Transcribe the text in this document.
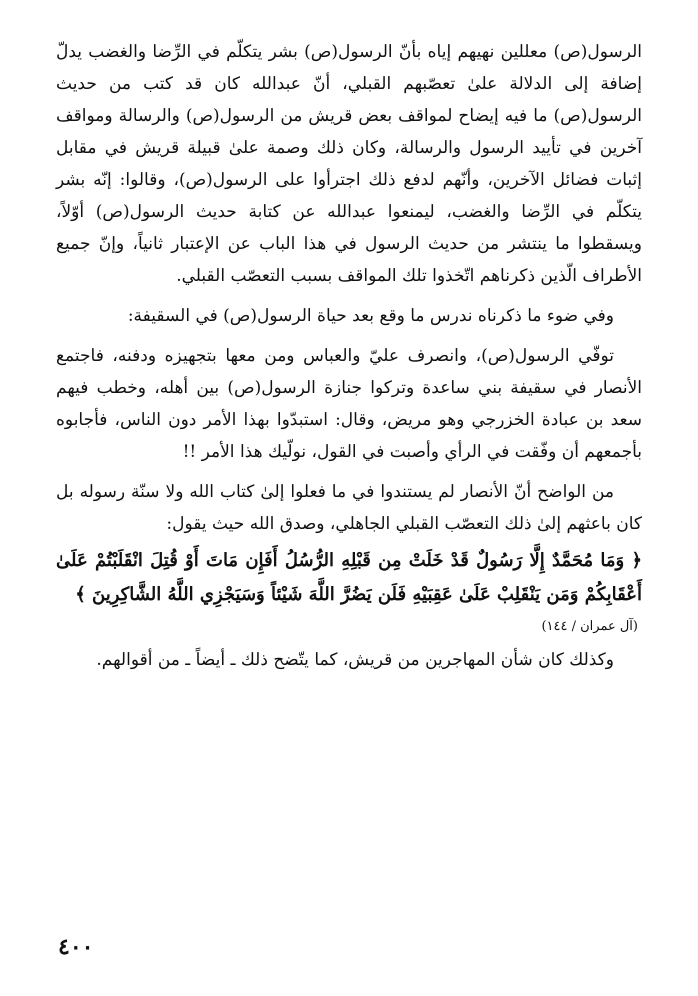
الرسول(ص) معللين نهيهم إياه بأنّ الرسول(ص) بشر يتكلّم في الرِّضا والغضب يدلّ إضافة إلى الدلالة علىٰ تعصّبهم القبلي، أنّ عبدالله كان قد كتب من حديث الرسول(ص) ما فيه إيضاح لمواقف بعض قريش من الرسول(ص) والرسالة ومواقف آخرين في تأييد الرسول والرسالة، وكان ذلك وصمة علىٰ قبيلة قريش في مقابل إثبات فضائل الآخرين، وأنّهم لدفع ذلك اجترأوا على الرسول(ص)، وقالوا: إنّه بشر يتكلّم في الرِّضا والغضب، ليمنعوا عبدالله عن كتابة حديث الرسول(ص) أوّلاً، ويسقطوا ما ينتشر من حديث الرسول في هذا الباب عن الإعتبار ثانياً، وإنّ جميع الأطراف الّذين ذكرناهم اتّخذوا تلك المواقف بسبب التعصّب القبلي.

وفي ضوء ما ذكرناه ندرس ما وقع بعد حياة الرسول(ص) في السقيفة:

توفّي الرسول(ص)، وانصرف عليّ والعباس ومن معها بتجهيزه ودفنه، فاجتمع الأنصار في سقيفة بني ساعدة وتركوا جنازة الرسول(ص) بين أهله، وخطب فيهم سعد بن عبادة الخزرجي وهو مريض، وقال: استبدّوا بهذا الأمر دون الناس، فأجابوه بأجمعهم أن وفّقت في الرأي وأصبت في القول، نولّيك هذا الأمر !!

من الواضح أنّ الأنصار لم يستندوا في ما فعلوا إلىٰ كتاب الله ولا سنّة رسوله بل كان باعثهم إلىٰ ذلك التعصّب القبلي الجاهلي، وصدق الله حيث يقول:

﴿ وَمَا مُحَمَّدٌ إِلَّا رَسُولٌ قَدْ خَلَتْ مِن قَبْلِهِ الرُّسُلُ أَفَإِن مَاتَ أَوْ قُتِلَ انْقَلَبْتُمْ عَلَىٰ أَعْقَابِكُمْ وَمَن يَنْقَلِبْ عَلَىٰ عَقِبَيْهِ فَلَن يَضُرَّ اللَّهَ شَيْئاً وَسَيَجْزِي اللَّهُ الشَّاكِرِينَ ﴾

(آل عمران / ١٤٤)

وكذلك كان شأن المهاجرين من قريش، كما يتّضح ذلك ـ أيضاً ـ من أقوالهم.

٤٠٠
